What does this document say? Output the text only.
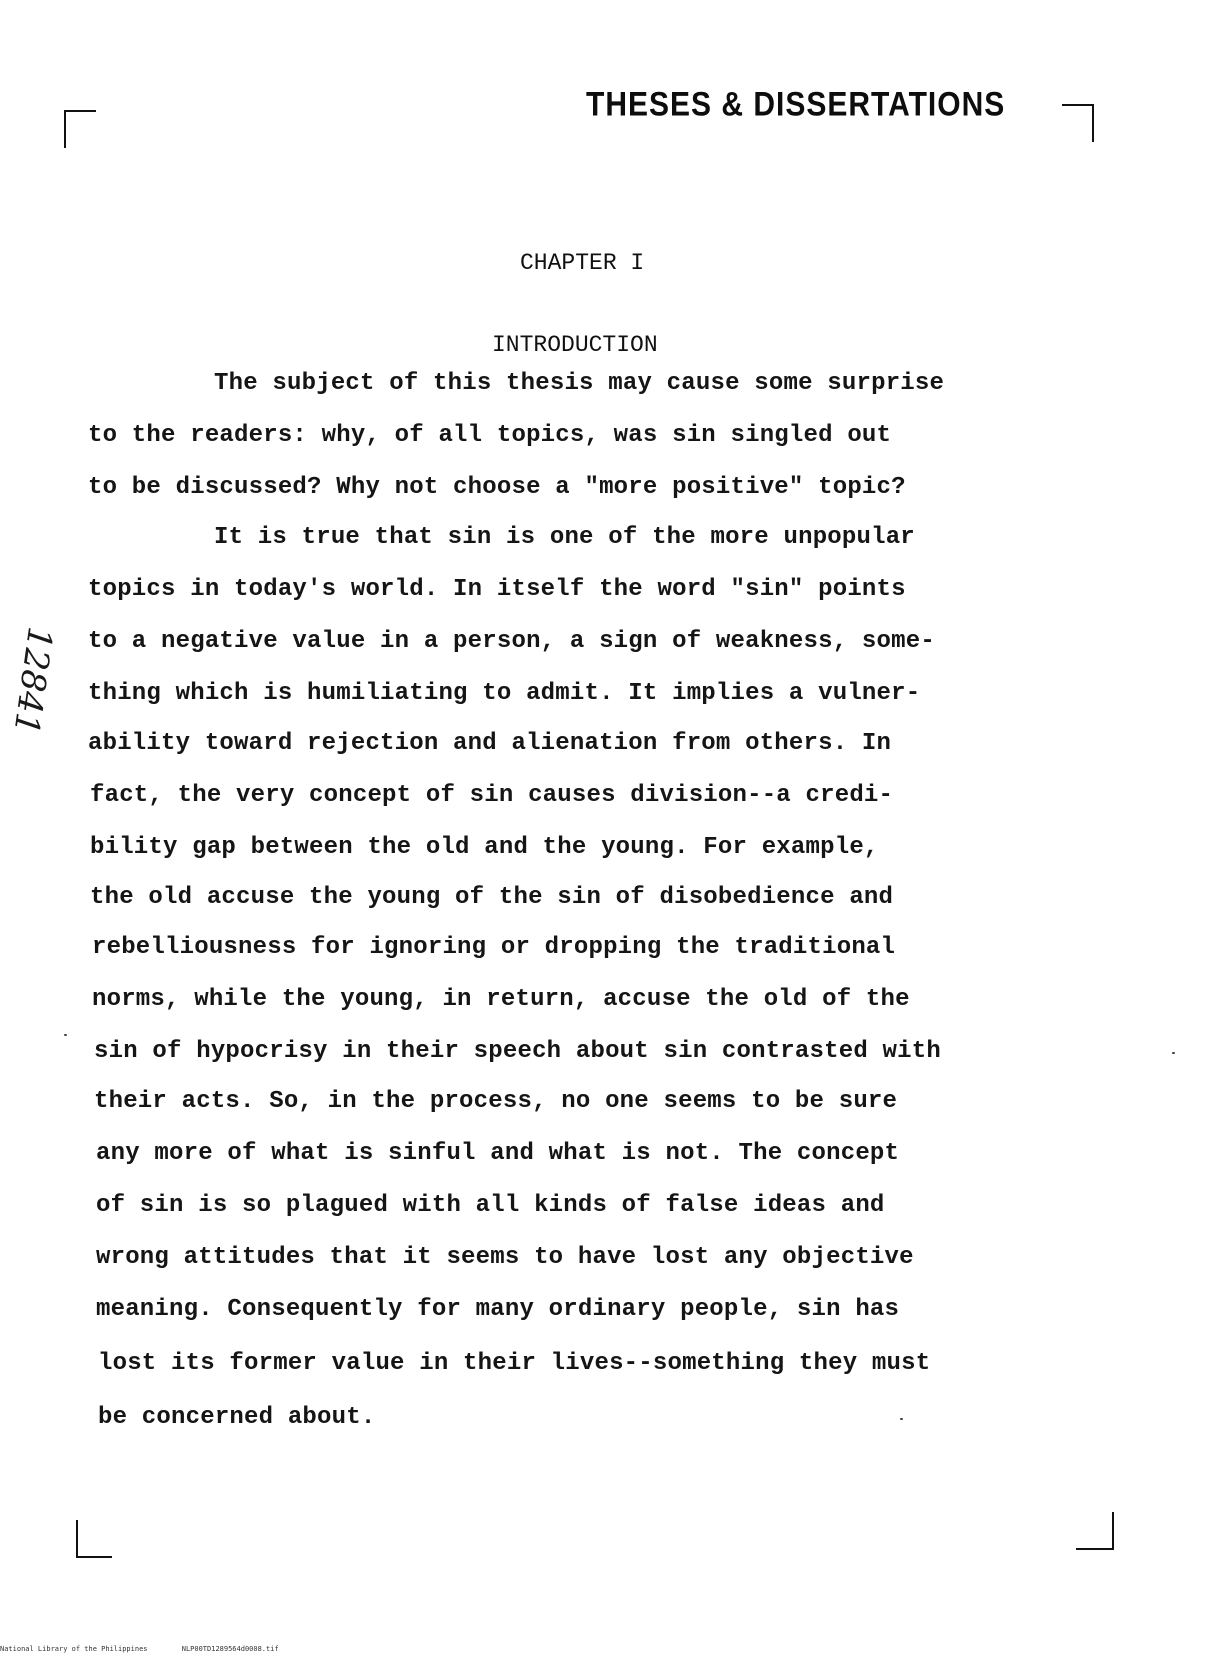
THESES & DISSERTATIONS
CHAPTER I
INTRODUCTION
The subject of this thesis may cause some surprise
to the readers: why, of all topics, was sin singled out
to be discussed? Why not choose a "more positive" topic?
It is true that sin is one of the more unpopular
topics in today's world. In itself the word "sin" points
to a negative value in a person, a sign of weakness, some-
thing which is humiliating to admit. It implies a vulner-
ability toward rejection and alienation from others. In
fact, the very concept of sin causes division--a credi-
bility gap between the old and the young. For example,
the old accuse the young of the sin of disobedience and
rebelliousness for ignoring or dropping the traditional
norms, while the young, in return, accuse the old of the
sin of hypocrisy in their speech about sin contrasted with
their acts. So, in the process, no one seems to be sure
any more of what is sinful and what is not. The concept
of sin is so plagued with all kinds of false ideas and
wrong attitudes that it seems to have lost any objective
meaning. Consequently for many ordinary people, sin has
lost its former value in their lives--something they must
be concerned about.
12841
National Library of the Philippines	NLP00TD1289564d0008.tif
